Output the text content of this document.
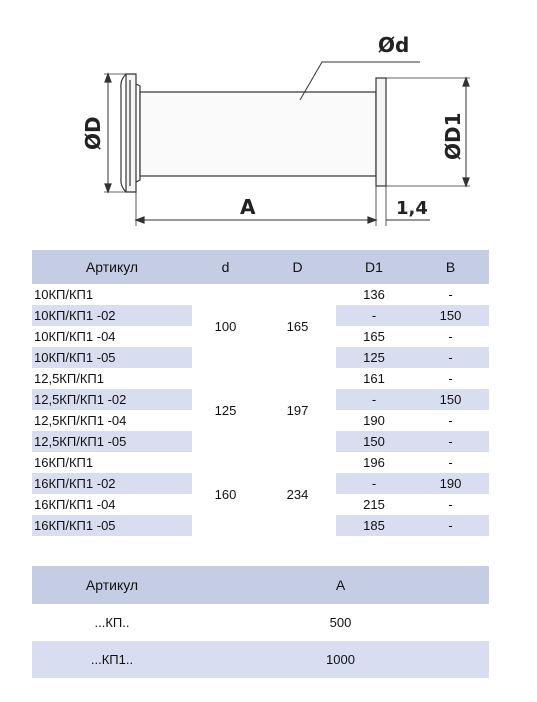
Ød
ØD	ØD1
A	1,4
Артикул	d	D	D1	B
10КП/КП1	100	165	136	-
10КП/КП1 -02			-	150
10КП/КП1 -04			165	-
10КП/КП1 -05			125	-
12,5КП/КП1	125	197	161	-
12,5КП/КП1 -02			-	150
12,5КП/КП1 -04			190	-
12,5КП/КП1 -05			150	-
16КП/КП1	160	234	196	-
16КП/КП1 -02			-	190
16КП/КП1 -04			215	-
16КП/КП1 -05			185	-
Артикул	A
...КП..	500
...КП1..	1000
